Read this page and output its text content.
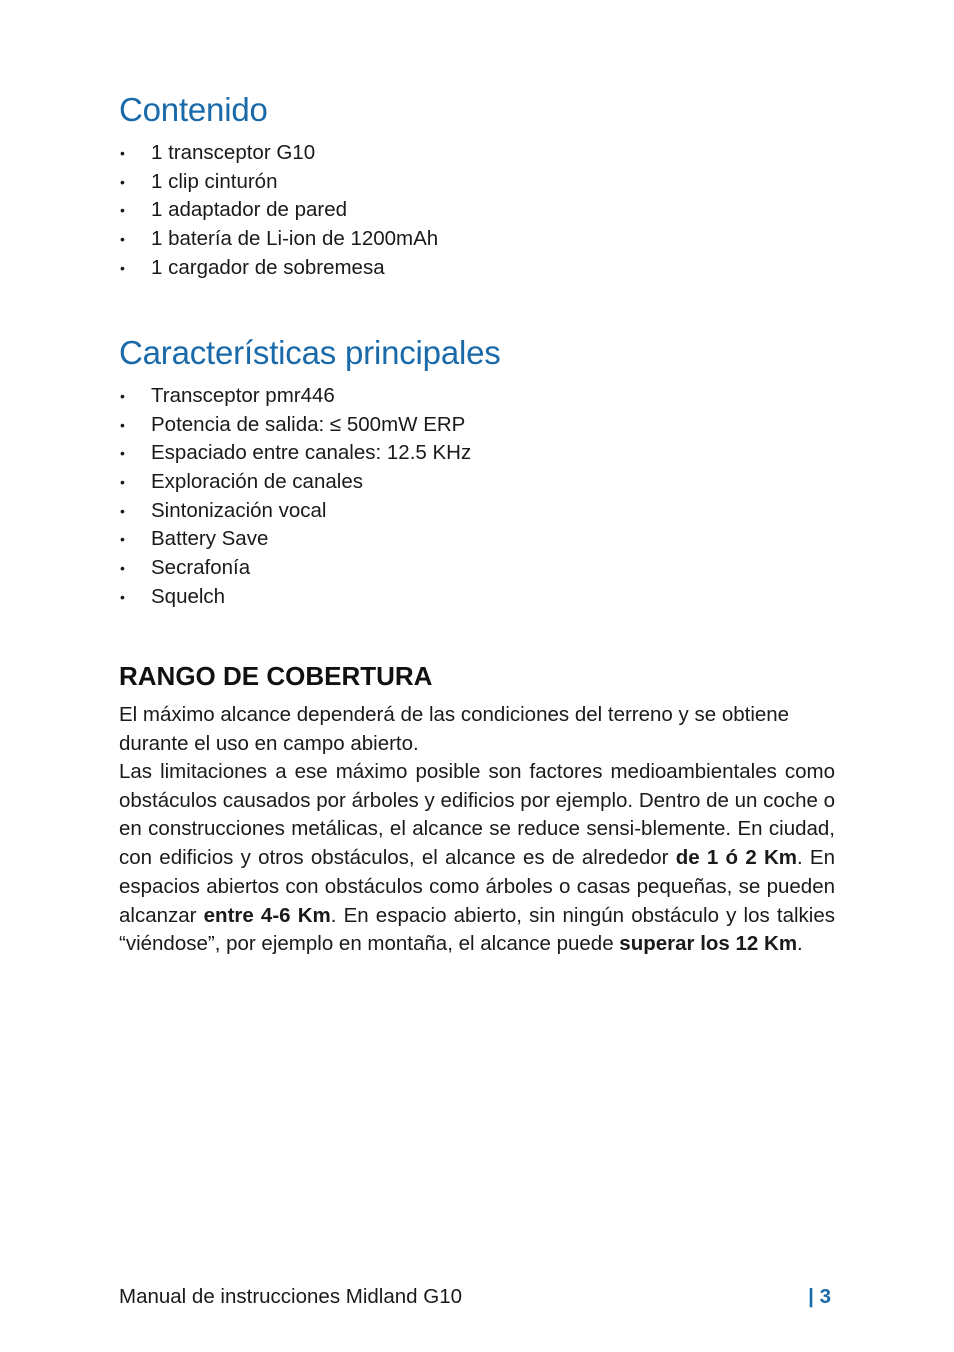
Contenido
• 1 transceptor G10
• 1 clip cinturón
• 1 adaptador de pared
• 1 batería de Li-ion de 1200mAh
• 1 cargador de sobremesa
Características principales
• Transceptor pmr446
• Potencia de salida: ≤ 500mW ERP
• Espaciado entre canales: 12.5 KHz
• Exploración de canales
• Sintonización vocal
• Battery Save
• Secrafonía
• Squelch
RANGO DE COBERTURA

El máximo alcance dependerá de las condiciones del terreno y se obtiene durante el uso en campo abierto.

Las limitaciones a ese máximo posible son factores medioambientales como obstáculos causados por árboles y edificios por ejemplo. Dentro de un coche o en construcciones metálicas, el alcance se reduce sensi-blemente. En ciudad, con edificios y otros obstáculos, el alcance es de alrededor de 1 ó 2 Km. En espacios abiertos con obstáculos como árboles o casas pequeñas, se pueden alcanzar entre 4-6 Km. En espacio abierto, sin ningún obstáculo y los talkies “viéndose”, por ejemplo en montaña, el alcance puede superar los 12 Km.

Manual de instrucciones Midland G10	| 3
